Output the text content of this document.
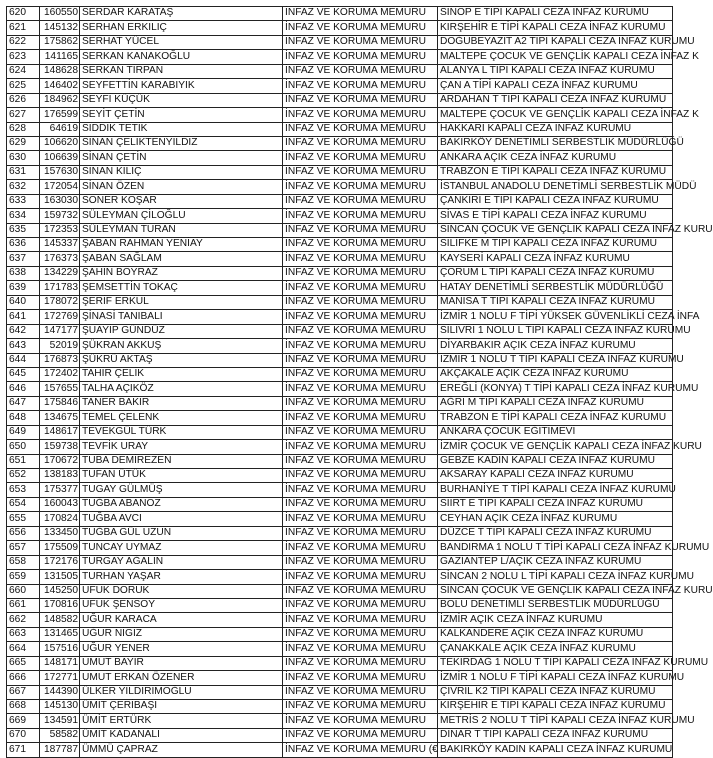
620	160550	SERDAR KARATAŞ	İNFAZ VE KORUMA MEMURU	SİNOP E TİPİ KAPALI CEZA İNFAZ KURUMU
621	145132	SERHAN ERKILIÇ	İNFAZ VE KORUMA MEMURU	KIRŞEHİR E TİPİ KAPALI CEZA İNFAZ KURUMU
622	175862	SERHAT YÜCEL	İNFAZ VE KORUMA MEMURU	DOĞUBEYAZIT A2 TİPİ KAPALI CEZA İNFAZ KURUMU
623	141165	SERKAN KANAKOĞLU	İNFAZ VE KORUMA MEMURU	MALTEPE ÇOCUK VE GENÇLİK KAPALI CEZA İNFAZ K
624	148628	SERKAN TİRPAN	İNFAZ VE KORUMA MEMURU	ALANYA L TİPİ KAPALI CEZA İNFAZ KURUMU
625	146402	SEYFETTİN KARABIYIK	İNFAZ VE KORUMA MEMURU	ÇAN A TİPİ KAPALI CEZA İNFAZ KURUMU
626	184962	SEYFİ KÜÇÜK	İNFAZ VE KORUMA MEMURU	ARDAHAN T TİPİ KAPALI CEZA İNFAZ KURUMU
627	176599	SEYİT ÇETİN	İNFAZ VE KORUMA MEMURU	MALTEPE ÇOCUK VE GENÇLİK KAPALI CEZA İNFAZ K
628	64619	SIDDIK TETİK	İNFAZ VE KORUMA MEMURU	HAKKARİ KAPALI CEZA İNFAZ KURUMU
629	106620	SİNAN ÇELİKTENYILDIZ	İNFAZ VE KORUMA MEMURU	BAKIRKÖY DENETİMLİ SERBESTLİK MÜDÜRLÜĞÜ
630	106639	SİNAN ÇETİN	İNFAZ VE KORUMA MEMURU	ANKARA AÇIK CEZA İNFAZ KURUMU
631	157630	SİNAN KILIÇ	İNFAZ VE KORUMA MEMURU	TRABZON E TİPİ KAPALI CEZA İNFAZ KURUMU
632	172054	SİNAN ÖZEN	İNFAZ VE KORUMA MEMURU	İSTANBUL ANADOLU DENETİMLİ SERBESTLİK MÜDÜ
633	163030	SONER KOŞAR	İNFAZ VE KORUMA MEMURU	ÇANKIRI E TİPİ KAPALI CEZA İNFAZ KURUMU
634	159732	SÜLEYMAN ÇİLOĞLU	İNFAZ VE KORUMA MEMURU	SİVAS E TİPİ KAPALI CEZA İNFAZ KURUMU
635	172353	SÜLEYMAN TURAN	İNFAZ VE KORUMA MEMURU	SİNCAN ÇOCUK VE GENÇLİK KAPALI CEZA İNFAZ KURU
636	145337	ŞABAN RAHMAN YENİAY	İNFAZ VE KORUMA MEMURU	SİLİFKE M TİPİ KAPALI CEZA İNFAZ KURUMU
637	176373	ŞABAN SAĞLAM	İNFAZ VE KORUMA MEMURU	KAYSERİ KAPALI CEZA İNFAZ KURUMU
638	134229	ŞAHİN BOYRAZ	İNFAZ VE KORUMA MEMURU	ÇORUM L TİPİ KAPALI CEZA İNFAZ KURUMU
639	171783	ŞEMSETTİN TOKAÇ	İNFAZ VE KORUMA MEMURU	HATAY DENETİMLİ SERBESTLİK MÜDÜRLÜĞÜ
640	178072	ŞERİF ERKUL	İNFAZ VE KORUMA MEMURU	MANİSA T TİPİ KAPALI CEZA İNFAZ KURUMU
641	172769	ŞİNASİ TANIBALI	İNFAZ VE KORUMA MEMURU	İZMİR 1 NOLU F TİPİ YÜKSEK GÜVENLİKLİ CEZA İNFA
642	147177	ŞUAYİP GÜNDÜZ	İNFAZ VE KORUMA MEMURU	SİLİVRİ 1 NOLU L TİPİ KAPALI CEZA İNFAZ KURUMU
643	52019	ŞÜKRAN AKKUŞ	İNFAZ VE KORUMA MEMURU	DİYARBAKIR AÇIK CEZA İNFAZ KURUMU
644	176873	ŞÜKRÜ AKTAŞ	İNFAZ VE KORUMA MEMURU	İZMİR 1 NOLU T TİPİ KAPALI CEZA İNFAZ KURUMU
645	172402	TAHİR ÇELİK	İNFAZ VE KORUMA MEMURU	AKÇAKALE AÇIK CEZA İNFAZ KURUMU
646	157655	TALHA AÇIKÖZ	İNFAZ VE KORUMA MEMURU	EREĞLİ (KONYA) T TİPİ KAPALI CEZA İNFAZ KURUMU
647	175846	TANER BAKIR	İNFAZ VE KORUMA MEMURU	AĞRI M TİPİ KAPALI CEZA İNFAZ KURUMU
648	134675	TEMEL ÇELENK	İNFAZ VE KORUMA MEMURU	TRABZON E TİPİ KAPALI CEZA İNFAZ KURUMU
649	148617	TEVEKGÜL TÜRK	İNFAZ VE KORUMA MEMURU	ANKARA ÇOCUK EĞİTİMEVİ
650	159738	TEVFİK URAY	İNFAZ VE KORUMA MEMURU	İZMİR ÇOCUK VE GENÇLİK KAPALI CEZA İNFAZ KURU
651	170672	TUBA DEMİREZEN	İNFAZ VE KORUMA MEMURU	GEBZE KADIN KAPALI CEZA İNFAZ KURUMU
652	138183	TUFAN ÜTÜK	İNFAZ VE KORUMA MEMURU	AKSARAY KAPALI CEZA İNFAZ KURUMU
653	175377	TUGAY GÜLMÜŞ	İNFAZ VE KORUMA MEMURU	BURHANİYE T TİPİ KAPALI CEZA İNFAZ KURUMU
654	160043	TUĞBA ABANOZ	İNFAZ VE KORUMA MEMURU	SİİRT E TİPİ KAPALI CEZA İNFAZ KURUMU
655	170824	TUĞBA AVCI	İNFAZ VE KORUMA MEMURU	CEYHAN AÇIK CEZA İNFAZ KURUMU
656	133450	TUĞBA GÜL UZUN	İNFAZ VE KORUMA MEMURU	DÜZCE T TİPİ KAPALI CEZA İNFAZ KURUMU
657	175509	TUNCAY UYMAZ	İNFAZ VE KORUMA MEMURU	BANDIRMA 1 NOLU T TİPİ KAPALI CEZA İNFAZ KURUMU
658	172176	TURGAY AĞALIN	İNFAZ VE KORUMA MEMURU	GAZİANTEP L/AÇIK CEZA İNFAZ KURUMU
659	131505	TURHAN YAŞAR	İNFAZ VE KORUMA MEMURU	SİNCAN 2 NOLU L TİPİ KAPALI CEZA İNFAZ KURUMU
660	145250	UFUK DORUK	İNFAZ VE KORUMA MEMURU	SİNCAN ÇOCUK VE GENÇLİK KAPALI CEZA İNFAZ KURU
661	170816	UFUK ŞENSOY	İNFAZ VE KORUMA MEMURU	BOLU DENETİMLİ SERBESTLİK MÜDÜRLÜĞÜ
662	148582	UĞUR KARACA	İNFAZ VE KORUMA MEMURU	İZMİR AÇIK CEZA İNFAZ KURUMU
663	131465	UĞUR NİGİZ	İNFAZ VE KORUMA MEMURU	KALKANDERE AÇIK CEZA İNFAZ KURUMU
664	157516	UĞUR YENER	İNFAZ VE KORUMA MEMURU	ÇANAKKALE AÇIK CEZA İNFAZ KURUMU
665	148171	UMUT BAYIR	İNFAZ VE KORUMA MEMURU	TEKİRDAĞ 1 NOLU T TİPİ KAPALI CEZA İNFAZ KURUMU
666	172771	UMUT ERKAN ÖZENER	İNFAZ VE KORUMA MEMURU	İZMİR 1 NOLU F TİPİ KAPALI CEZA İNFAZ KURUMU
667	144390	ÜLKER YILDIRIMOĞLU	İNFAZ VE KORUMA MEMURU	ÇİVRİL K2 TİPİ KAPALI CEZA İNFAZ KURUMU
668	145130	ÜMİT ÇERİBAŞI	İNFAZ VE KORUMA MEMURU	KIRŞEHİR E TİPİ KAPALI CEZA İNFAZ KURUMU
669	134591	ÜMİT ERTÜRK	İNFAZ VE KORUMA MEMURU	METRİS 2 NOLU T TİPİ KAPALI CEZA İNFAZ KURUMU
670	58582	ÜMİT KADANALI	İNFAZ VE KORUMA MEMURU	DİNAR T TİPİ KAPALI CEZA İNFAZ KURUMU
671	187787	ÜMMÜ ÇAPRAZ	İNFAZ VE KORUMA MEMURU (€	BAKIRKÖY KADIN KAPALI CEZA İNFAZ KURUMU
